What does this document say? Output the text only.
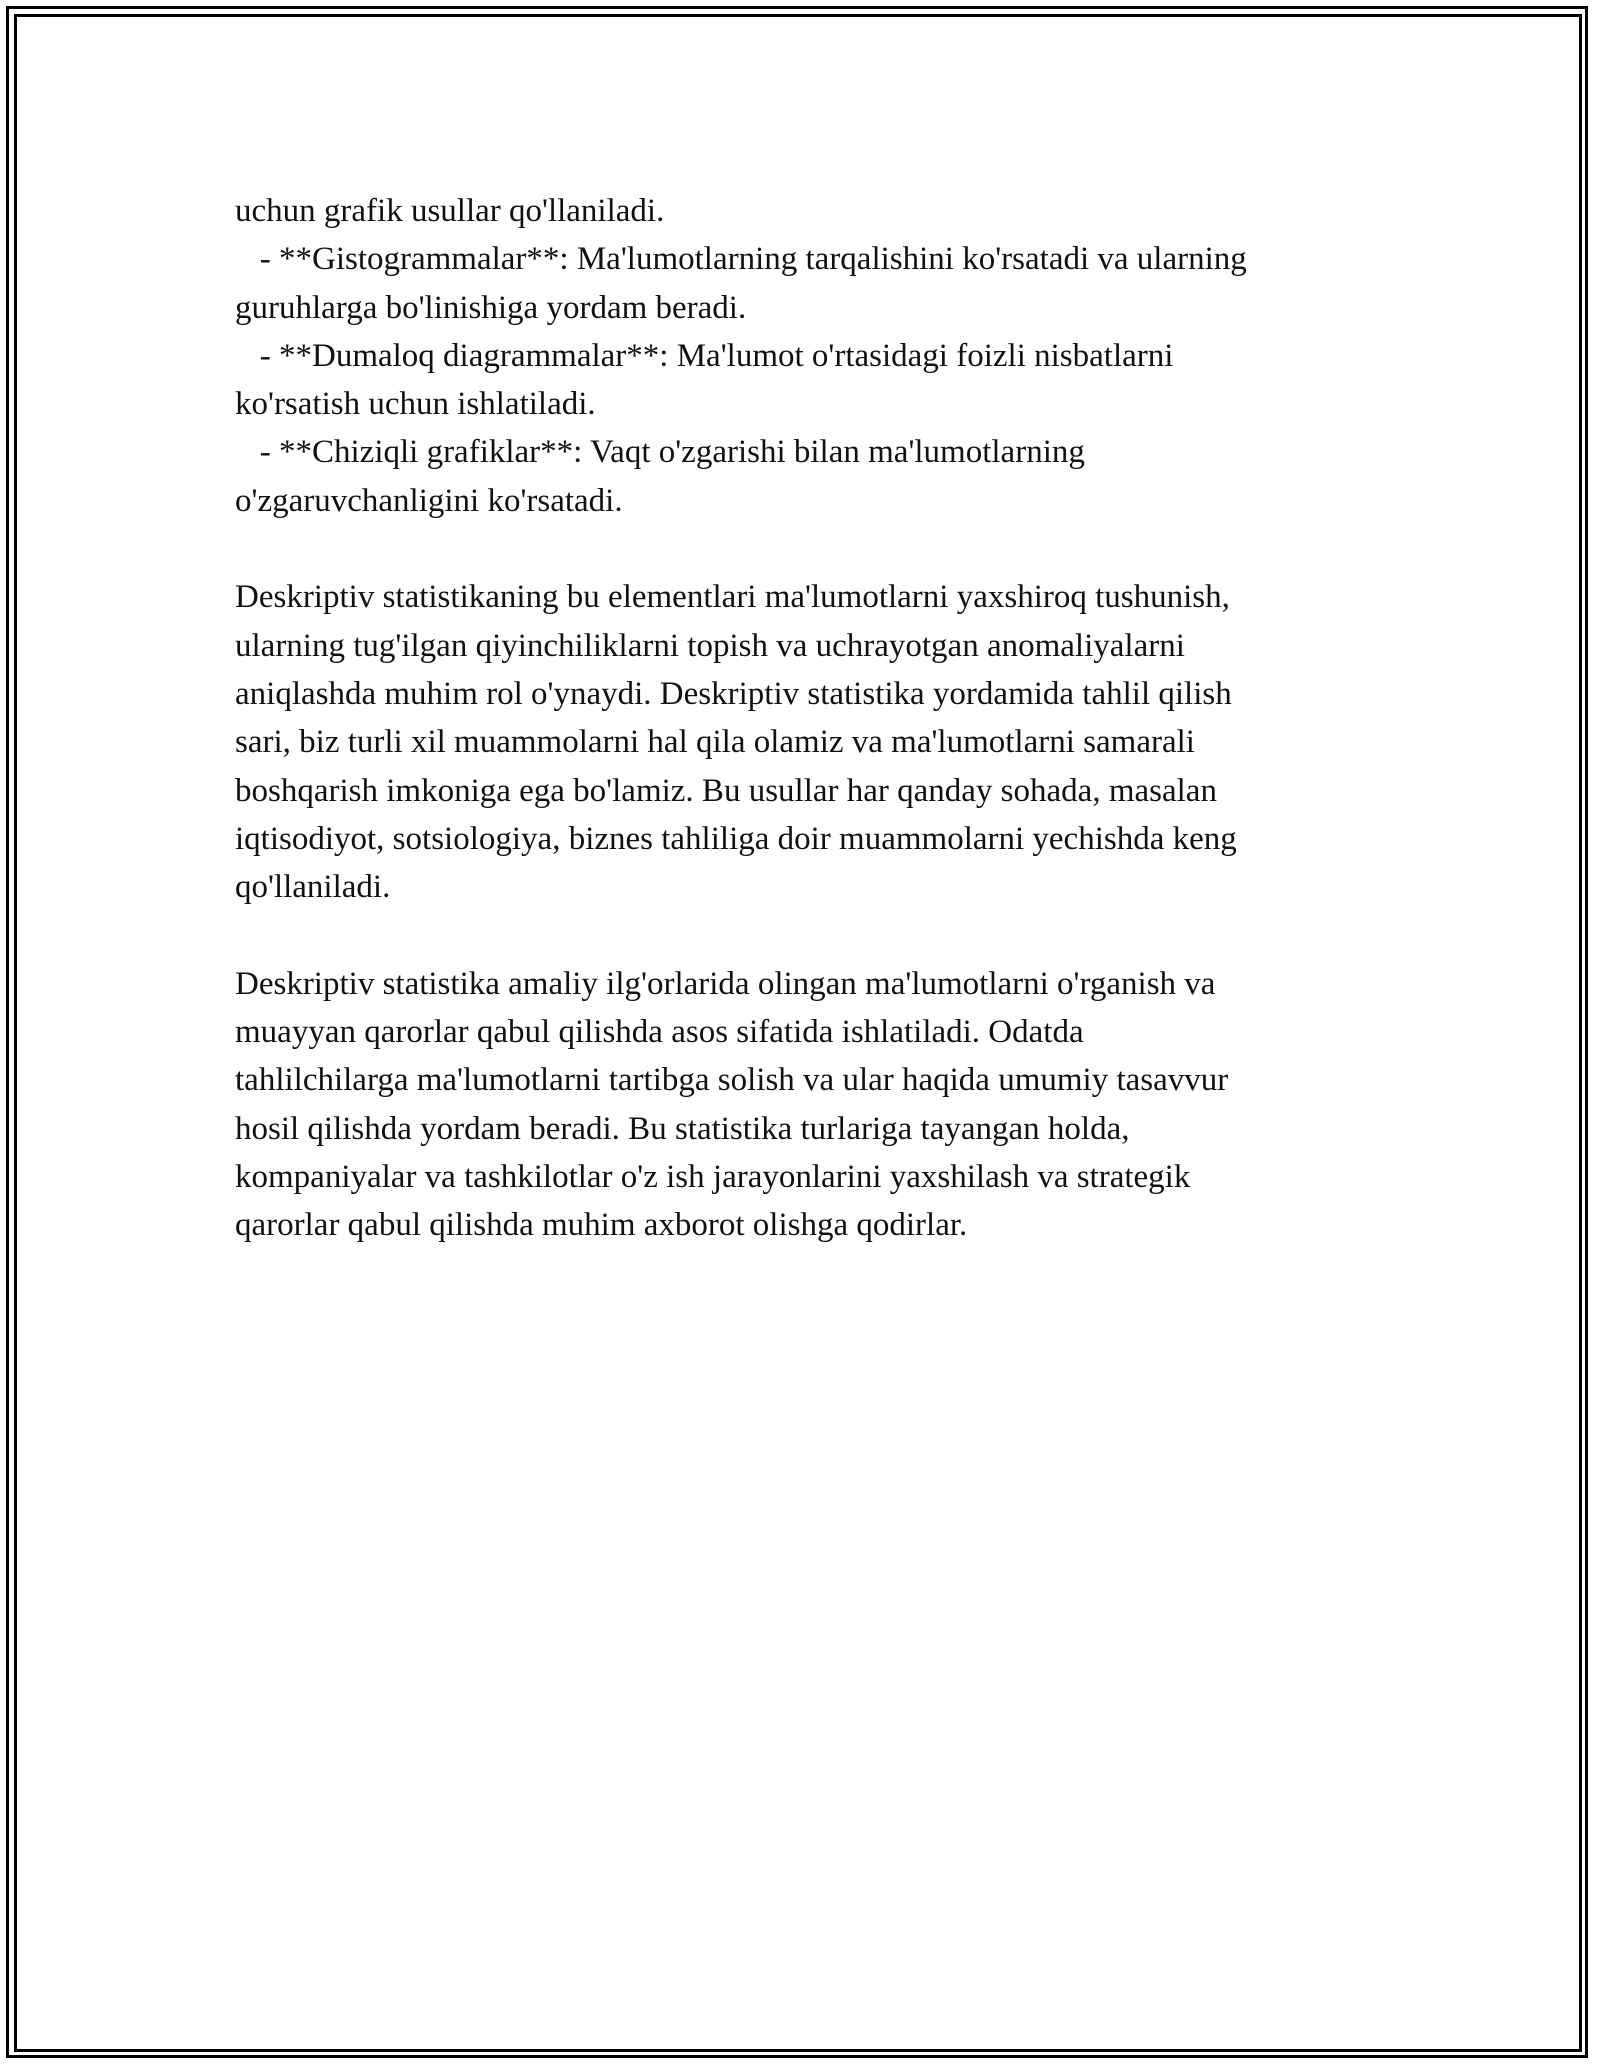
uchun grafik usullar qo'llaniladi.
- **Gistogrammalar**: Ma'lumotlarning tarqalishini ko'rsatadi va ularning
guruhlarga bo'linishiga yordam beradi.
- **Dumaloq diagrammalar**: Ma'lumot o'rtasidagi foizli nisbatlarni
ko'rsatish uchun ishlatiladi.
- **Chiziqli grafiklar**: Vaqt o'zgarishi bilan ma'lumotlarning
o'zgaruvchanligini ko'rsatadi.
Deskriptiv statistikaning bu elementlari ma'lumotlarni yaxshiroq tushunish,
ularning tug'ilgan qiyinchiliklarni topish va uchrayotgan anomaliyalarni
aniqlashda muhim rol o'ynaydi. Deskriptiv statistika yordamida tahlil qilish
sari, biz turli xil muammolarni hal qila olamiz va ma'lumotlarni samarali
boshqarish imkoniga ega bo'lamiz. Bu usullar har qanday sohada, masalan
iqtisodiyot, sotsiologiya, biznes tahliliga doir muammolarni yechishda keng
qo'llaniladi.
Deskriptiv statistika amaliy ilg'orlarida olingan ma'lumotlarni o'rganish va
muayyan qarorlar qabul qilishda asos sifatida ishlatiladi. Odatda
tahlilchilarga ma'lumotlarni tartibga solish va ular haqida umumiy tasavvur
hosil qilishda yordam beradi. Bu statistika turlariga tayangan holda,
kompaniyalar va tashkilotlar o'z ish jarayonlarini yaxshilash va strategik
qarorlar qabul qilishda muhim axborot olishga qodirlar.
